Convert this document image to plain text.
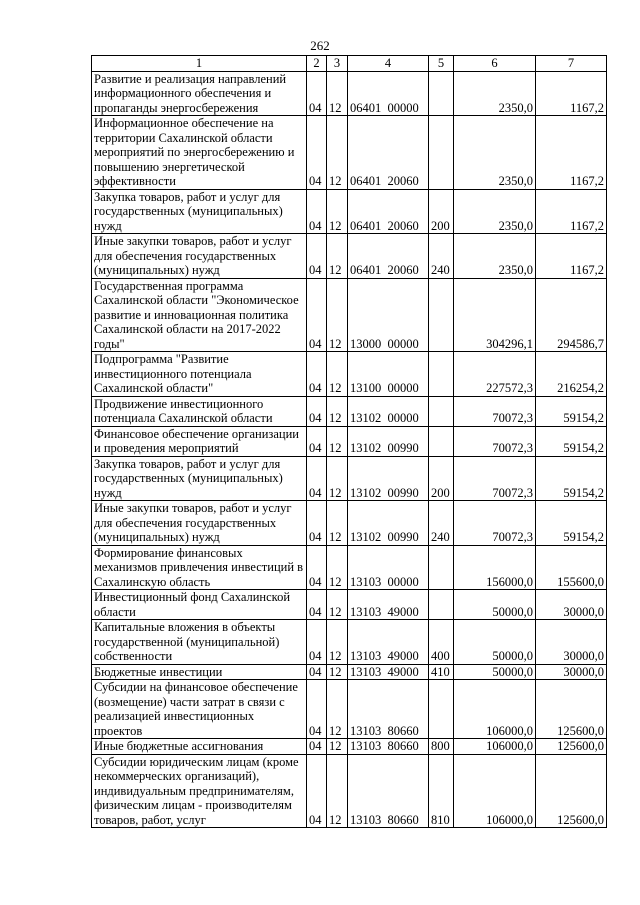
262
1	2	3	4	5	6	7
Развитие и реализация направлений информационного обеспечения и пропаганды энергосбережения	04	12	06401  00000		2350,0	1167,2
Информационное обеспечение на территории Сахалинской области мероприятий по энергосбережению и повышению энергетической эффективности	04	12	06401  20060		2350,0	1167,2
Закупка товаров, работ и услуг для государственных (муниципальных) нужд	04	12	06401  20060	200	2350,0	1167,2
Иные закупки товаров, работ и услуг для обеспечения государственных (муниципальных) нужд	04	12	06401  20060	240	2350,0	1167,2
Государственная программа Сахалинской области "Экономическое развитие и инновационная политика Сахалинской области на 2017-2022 годы"	04	12	13000  00000		304296,1	294586,7
Подпрограмма "Развитие инвестиционного потенциала Сахалинской области"	04	12	13100  00000		227572,3	216254,2
Продвижение инвестиционного потенциала Сахалинской области	04	12	13102  00000		70072,3	59154,2
Финансовое обеспечение организации и проведения мероприятий	04	12	13102  00990		70072,3	59154,2
Закупка товаров, работ и услуг для государственных (муниципальных) нужд	04	12	13102  00990	200	70072,3	59154,2
Иные закупки товаров, работ и услуг для обеспечения государственных (муниципальных) нужд	04	12	13102  00990	240	70072,3	59154,2
Формирование финансовых механизмов привлечения инвестиций в Сахалинскую область	04	12	13103  00000		156000,0	155600,0
Инвестиционный фонд Сахалинской области	04	12	13103  49000		50000,0	30000,0
Капитальные вложения в объекты государственной (муниципальной) собственности	04	12	13103  49000	400	50000,0	30000,0
Бюджетные инвестиции	04	12	13103  49000	410	50000,0	30000,0
Субсидии на финансовое обеспечение (возмещение) части затрат в связи с реализацией инвестиционных проектов	04	12	13103  80660		106000,0	125600,0
Иные бюджетные ассигнования	04	12	13103  80660	800	106000,0	125600,0
Субсидии юридическим лицам (кроме некоммерческих организаций), индивидуальным предпринимателям, физическим лицам - производителям товаров, работ, услуг	04	12	13103  80660	810	106000,0	125600,0
